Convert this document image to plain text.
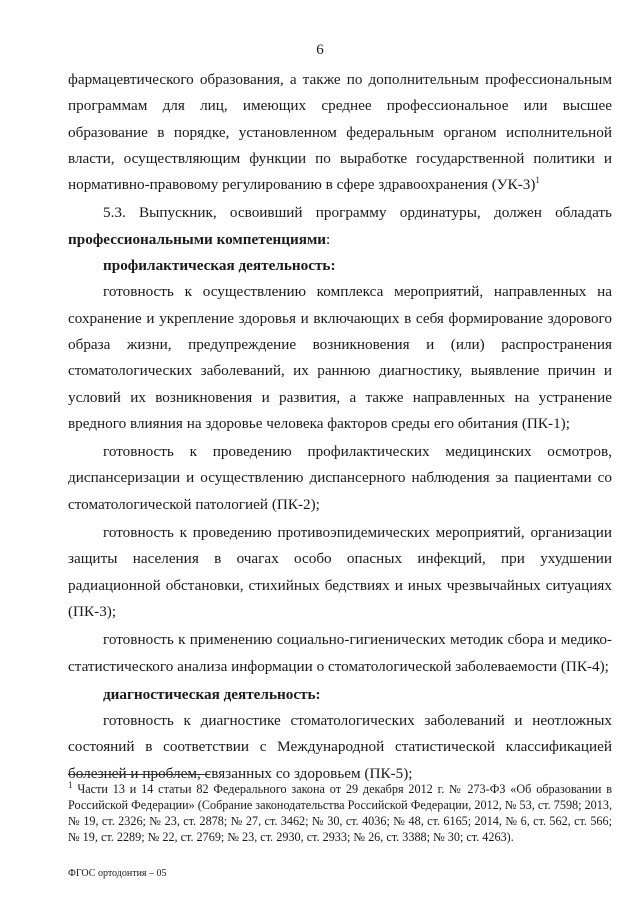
6

фармацевтического образования, а также по дополнительным профессиональным программам для лиц, имеющих среднее профессиональное или высшее образование в порядке, установленном федеральным органом исполнительной власти, осуществляющим функции по выработке государственной политики и нормативно-правовому регулированию в сфере здравоохранения $(УК-3)^1$

5.3. Выпускник, освоивший программу ординатуры, должен обладать профессиональными компетенциями:

профилактическая деятельность:

готовность к осуществлению комплекса мероприятий, направленных на сохранение и укрепление здоровья и включающих в себя формирование здорового образа жизни, предупреждение возникновения и (или) распространения стоматологических заболеваний, их раннюю диагностику, выявление причин и условий их возникновения и развития, а также направленных на устранение вредного влияния на здоровье человека факторов среды его обитания (ПК-1);

готовность к проведению профилактических медицинских осмотров, диспансеризации и осуществлению диспансерного наблюдения за пациентами со стоматологической патологией (ПК-2);

готовность к проведению противоэпидемических мероприятий, организации защиты населения в очагах особо опасных инфекций, при ухудшении радиационной обстановки, стихийных бедствиях и иных чрезвычайных ситуациях (ПК-3);

готовность к применению социально-гигиенических методик сбора и медико-статистического анализа информации о стоматологической заболеваемости (ПК-4);

диагностическая деятельность:

готовность к диагностике стоматологических заболеваний и неотложных состояний в соответствии с Международной статистической классификацией болезней и проблем, связанных со здоровьем (ПК-5);

$^1$ Части 13 и 14 статьи 82 Федерального закона от 29 декабря 2012 г. № 273-ФЗ «Об образовании в Российской Федерации» (Собрание законодательства Российской Федерации, 2012, № 53, ст. 7598; 2013, № 19, ст. 2326; № 23, ст. 2878; № 27, ст. 3462; № 30, ст. 4036; № 48, ст. 6165; 2014, № 6, ст. 562, ст. 566; № 19, ст. 2289; № 22, ст. 2769; № 23, ст. 2930, ст. 2933; № 26, ст. 3388; № 30; ст. 4263).

ФГОС ортодонтия – 05
